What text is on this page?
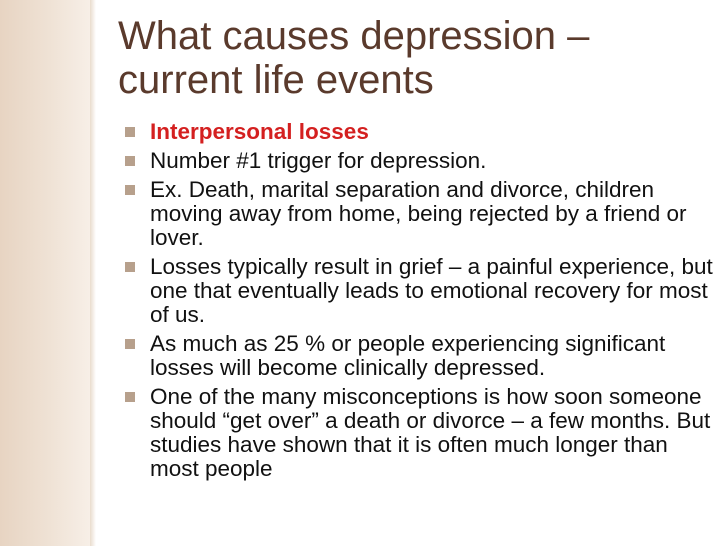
What causes depression –
current life events
Interpersonal losses
Number #1 trigger for depression.
Ex. Death, marital separation and divorce, children moving away from home, being rejected by a friend or lover.
Losses typically result in grief – a painful experience, but one that eventually leads to emotional recovery for most of us.
As much as 25 % or people experiencing significant losses will become clinically depressed.
One of the many misconceptions is how soon someone should “get over” a death or divorce – a few months. But studies have shown that it is often much longer than most people
